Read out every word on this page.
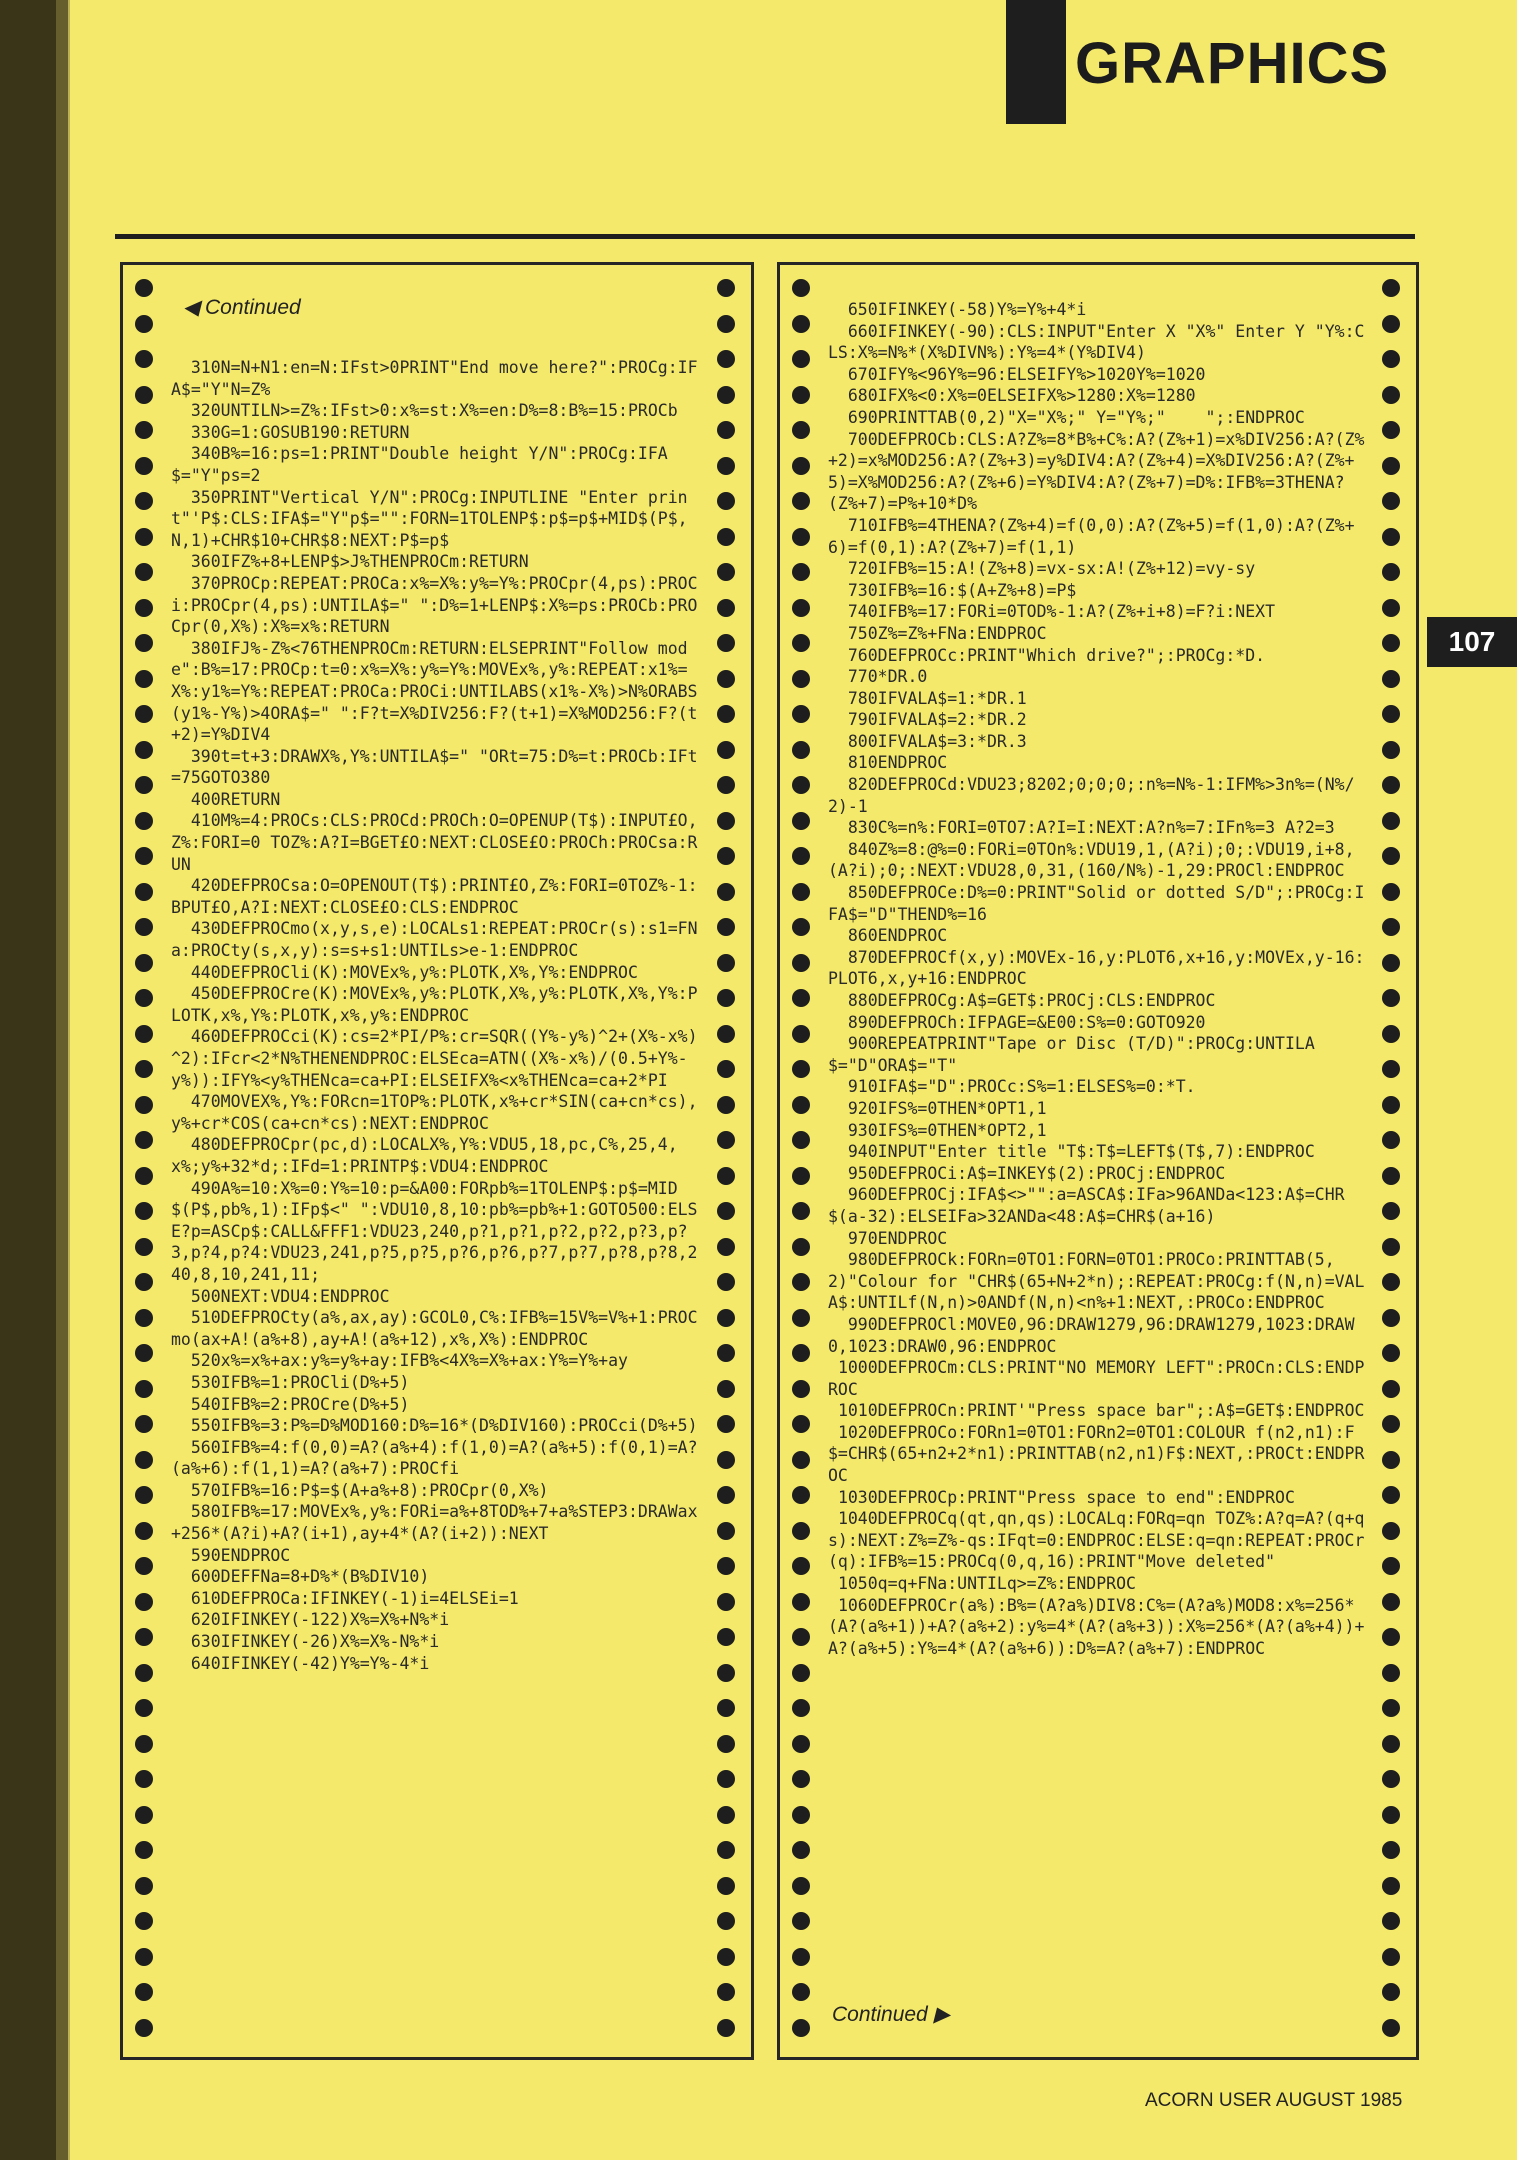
GRAPHICS
107
◀ Continued
310N=N+N1:en=N:IFst>0PRINT"End move here?":PROCg:IFA$="Y"N=Z%
320UNTILN>=Z%:IFst>0:x%=st:X%=en:D%=8:B%=15:PROCb
330G=1:GOSUB190:RETURN
340B%=16:ps=1:PRINT"Double height Y/N":PROCg:IFA$="Y"ps=2
350PRINT"Vertical Y/N":PROCg:INPUTLINE "Enter print"'P$:CLS:IFA$="Y"p$="":FORN=1TOLENP$:p$=p$+MID$(P$,N,1)+CHR$10+CHR$8:NEXT:P$=p$
360IFZ%+8+LENP$>J%THENPROCm:RETURN
370PROCp:REPEAT:PROCa:x%=X%:y%=Y%:PROCpr(4,ps):PROCi:PROCpr(4,ps):UNTILA$=" ":D%=1+LENP$:X%=ps:PROCb:PROCpr(0,X%):X%=x%:RETURN
380IFJ%-Z%<76THENPROCm:RETURN:ELSEPRINT"Follow mode":B%=17:PROCp:t=0:x%=X%:y%=Y%:MOVEx%,y%:REPEAT:x1%=X%:y1%=Y%:REPEAT:PROCa:PROCi:UNTILABS(x1%-X%)>N%ORABS(y1%-Y%)>4ORA$=" ":F?t=X%DIV256:F?(t+1)=X%MOD256:F?(t+2)=Y%DIV4
390t=t+3:DRAWX%,Y%:UNTILA$=" "ORt=75:D%=t:PROCb:IFt=75GOTO380
400RETURN
410M%=4:PROCs:CLS:PROCd:PROCh:O=OPENUP(T$):INPUT£O,Z%:FORI=0 TOZ%:A?I=BGET£O:NEXT:CLOSE£O:PROCh:PROCsa:RUN
420DEFPROCsa:O=OPENOUT(T$):PRINT£O,Z%:FORI=0TOZ%-1:BPUT£O,A?I:NEXT:CLOSE£O:CLS:ENDPROC
430DEFPROCmo(x,y,s,e):LOCALs1:REPEAT:PROCr(s):s1=FNa:PROCty(s,x,y):s=s+s1:UNTILs>e-1:ENDPROC
440DEFPROCli(K):MOVEx%,y%:PLOTK,X%,Y%:ENDPROC
450DEFPROCre(K):MOVEx%,y%:PLOTK,X%,y%:PLOTK,X%,Y%:PLOTK,x%,Y%:PLOTK,x%,y%:ENDPROC
460DEFPROCci(K):cs=2*PI/P%:cr=SQR((Y%-y%)^2+(X%-x%)^2):IFcr<2*N%THENENDPROC:ELSEca=ATN((X%-x%)/(0.5+Y%-y%)):IFY%<y%THENca=ca+PI:ELSEIFX%<x%THENca=ca+2*PI
470MOVEX%,Y%:FORcn=1TOP%:PLOTK,x%+cr*SIN(ca+cn*cs),y%+cr*COS(ca+cn*cs):NEXT:ENDPROC
480DEFPROCpr(pc,d):LOCALX%,Y%:VDU5,18,pc,C%,25,4,x%;y%+32*d;:IFd=1:PRINTP$:VDU4:ENDPROC
490A%=10:X%=0:Y%=10:p=&A00:FORpb%=1TOLENP$:p$=MID$(P$,pb%,1):IFp$<" ":VDU10,8,10:pb%=pb%+1:GOTO500:ELSE?p=ASCp$:CALL&FFF1:VDU23,240,p?1,p?1,p?2,p?2,p?3,p?3,p?4,p?4:VDU23,241,p?5,p?5,p?6,p?6,p?7,p?7,p?8,p?8,240,8,10,241,11;
500NEXT:VDU4:ENDPROC
510DEFPROCty(a%,ax,ay):GCOL0,C%:IFB%=15V%=V%+1:PROCmo(ax+A!(a%+8),ay+A!(a%+12),x%,X%):ENDPROC
520x%=x%+ax:y%=y%+ay:IFB%<4X%=X%+ax:Y%=Y%+ay
530IFB%=1:PROCli(D%+5)
540IFB%=2:PROCre(D%+5)
550IFB%=3:P%=D%MOD160:D%=16*(D%DIV160):PROCci(D%+5)
560IFB%=4:f(0,0)=A?(a%+4):f(1,0)=A?(a%+5):f(0,1)=A?(a%+6):f(1,1)=A?(a%+7):PROCfi
570IFB%=16:P$=$(A+a%+8):PROCpr(0,X%)
580IFB%=17:MOVEx%,y%:FORi=a%+8TOD%+7+a%STEP3:DRAWax+256*(A?i)+A?(i+1),ay+4*(A?(i+2)):NEXT
590ENDPROC
600DEFFNa=8+D%*(B%DIV10)
610DEFPROCa:IFINKEY(-1)i=4ELSEi=1
620IFINKEY(-122)X%=X%+N%*i
630IFINKEY(-26)X%=X%-N%*i
640IFINKEY(-42)Y%=Y%-4*i
650IFINKEY(-58)Y%=Y%+4*i
660IFINKEY(-90):CLS:INPUT"Enter X "X%" Enter Y "Y%:CLS:X%=N%*(X%DIVN%):Y%=4*(Y%DIV4)
670IFY%<96Y%=96:ELSEIFY%>1020Y%=1020
680IFX%<0:X%=0ELSEIFX%>1280:X%=1280
690PRINTTAB(0,2)"X="X%;" Y="Y%;"    ";:ENDPROC
700DEFPROCb:CLS:A?Z%=8*B%+C%:A?(Z%+1)=x%DIV256:A?(Z%+2)=x%MOD256:A?(Z%+3)=y%DIV4:A?(Z%+4)=X%DIV256:A?(Z%+5)=X%MOD256:A?(Z%+6)=Y%DIV4:A?(Z%+7)=D%:IFB%=3THENA?(Z%+7)=P%+10*D%
710IFB%=4THENA?(Z%+4)=f(0,0):A?(Z%+5)=f(1,0):A?(Z%+6)=f(0,1):A?(Z%+7)=f(1,1)
720IFB%=15:A!(Z%+8)=vx-sx:A!(Z%+12)=vy-sy
730IFB%=16:$(A+Z%+8)=P$
740IFB%=17:FORi=0TOD%-1:A?(Z%+i+8)=F?i:NEXT
750Z%=Z%+FNa:ENDPROC
760DEFPROCc:PRINT"Which drive?";:PROCg:*D.
770*DR.0
780IFVALA$=1:*DR.1
790IFVALA$=2:*DR.2
800IFVALA$=3:*DR.3
810ENDPROC
820DEFPROCd:VDU23;8202;0;0;0;:n%=N%-1:IFM%>3n%=(N%/2)-1
830C%=n%:FORI=0TO7:A?I=I:NEXT:A?n%=7:IFn%=3 A?2=3
840Z%=8:@%=0:FORi=0TOn%:VDU19,1,(A?i);0;:VDU19,i+8,(A?i);0;:NEXT:VDU28,0,31,(160/N%)-1,29:PROCl:ENDPROC
850DEFPROCe:D%=0:PRINT"Solid or dotted S/D";:PROCg:IFA$="D"THEND%=16
860ENDPROC
870DEFPROCf(x,y):MOVEx-16,y:PLOT6,x+16,y:MOVEx,y-16:PLOT6,x,y+16:ENDPROC
880DEFPROCg:A$=GET$:PROCj:CLS:ENDPROC
890DEFPROCh:IFPAGE=&E00:S%=0:GOTO920
900REPEATPRINT"Tape or Disc (T/D)":PROCg:UNTILA$="D"ORA$="T"
910IFA$="D":PROCc:S%=1:ELSES%=0:*T.
920IFS%=0THEN*OPT1,1
930IFS%=0THEN*OPT2,1
940INPUT"Enter title "T$:T$=LEFT$(T$,7):ENDPROC
950DEFPROCi:A$=INKEY$(2):PROCj:ENDPROC
960DEFPROCj:IFA$<>"":a=ASCA$:IFa>96ANDa<123:A$=CHR$(a-32):ELSEIFa>32ANDa<48:A$=CHR$(a+16)
970ENDPROC
980DEFPROCk:FORn=0TO1:FORN=0TO1:PROCo:PRINTTAB(5,2)"Colour for "CHR$(65+N+2*n);:REPEAT:PROCg:f(N,n)=VALA$:UNTILf(N,n)>0ANDf(N,n)<n%+1:NEXT,:PROCo:ENDPROC
990DEFPROCl:MOVE0,96:DRAW1279,96:DRAW1279,1023:DRAW0,1023:DRAW0,96:ENDPROC
1000DEFPROCm:CLS:PRINT"NO MEMORY LEFT":PROCn:CLS:ENDPROC
1010DEFPROCn:PRINT'"Press space bar";:A$=GET$:ENDPROC
1020DEFPROCo:FORn1=0TO1:FORn2=0TO1:COLOUR f(n2,n1):F$=CHR$(65+n2+2*n1):PRINTTAB(n2,n1)F$:NEXT,:PROCt:ENDPROC
1030DEFPROCp:PRINT"Press space to end":ENDPROC
1040DEFPROCq(qt,qn,qs):LOCALq:FORq=qn TOZ%:A?q=A?(q+qs):NEXT:Z%=Z%-qs:IFqt=0:ENDPROC:ELSE:q=qn:REPEAT:PROCr(q):IFB%=15:PROCq(0,q,16):PRINT"Move deleted"
1050q=q+FNa:UNTILq>=Z%:ENDPROC
1060DEFPROCr(a%):B%=(A?a%)DIV8:C%=(A?a%)MOD8:x%=256*(A?(a%+1))+A?(a%+2):y%=4*(A?(a%+3)):X%=256*(A?(a%+4))+A?(a%+5):Y%=4*(A?(a%+6)):D%=A?(a%+7):ENDPROC
Continued ▶
ACORN USER AUGUST 1985
